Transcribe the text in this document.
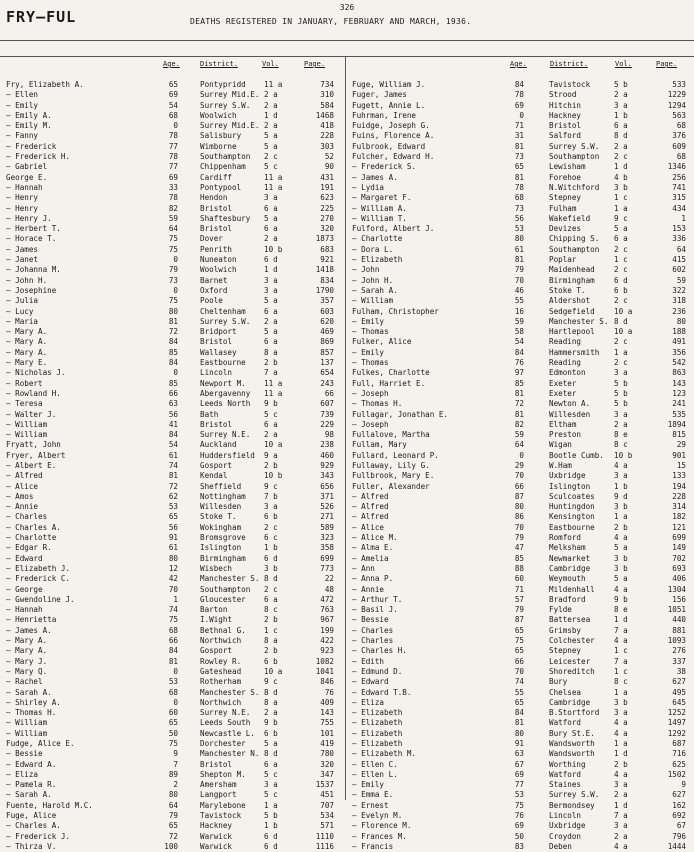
326
FRY–FUL	DEATHS REGISTERED IN JANUARY, FEBRUARY AND MARCH, 1936.
Age.	District.	Vol.	Page.	Age.	District.	Vol.	Page.
Fry, Elizabeth A.	65	Pontypridd 11 a	734
— Ellen	69	Surrey Mid.E. 2 a	310
— Emily	54	Surrey S.W. 2 a	584
— Emily A.	68	Woolwich	1 d	1468
— Emily M.	0	Surrey Mid.E. 2 a	418
— Fanny	78	Salisbury	5 a	228
— Frederick	77	Wimborne	5 a	303
— Frederick H.	78	Southampton 2 c	52
— Gabriel	77	Chippenham 5 c	90
George E.	69	Cardiff	11 a	431
— Hannah	33	Pontypool	11 a	191
— Henry	78	Hendon	3 a	623
— Henry	82	Bristol	6 a	225
— Henry J.	59	Shaftesbury 5 a	270
— Herbert T.	64	Bristol	6 a	320
— Horace T.	75	Dover	2 a	1873
— James	75	Penrith	10 b	683
— Janet	0	Nuneaton	6 d	921
— Johanna M.	79	Woolwich	1 d	1418
— John H.	73	Barnet	3 a	834
— Josephine	0	Oxford	3 a	1790
— Julia	75	Poole	5 a	357
— Lucy	80	Cheltenham 6 a	603
— Maria	81	Surrey S.W. 2 a	620
— Mary A.	72	Bridport	5 a	469
— Mary A.	84	Bristol	6 a	869
— Mary A.	85	Wallasey	8 a	857
— Mary E.	84	Eastbourne 2 b	137
— Nicholas J.	0	Lincoln	7 a	654
— Robert	85	Newport M. 11 a	243
— Rowland H.	66	Abergavenny 11 a	66
— Teresa	63	Leeds North 9 b	607
— Walter J.	56	Bath	5 c	739
— William	41	Bristol	6 a	229
— William	84	Surrey N.E. 2 a	98
Fryatt, John	54	Auckland	10 a	238
Fryer, Albert	61	Huddersfield 9 a	460
— Albert E.	74	Gosport	2 b	929
— Alfred	81	Kendal	10 b	343
— Alice	72	Sheffield	9 c	656
— Amos	62	Nottingham 7 b	371
— Annie	53	Willesden	3 a	526
— Charles	65	Stoke T.	6 b	271
— Charles A.	56	Wokingham	2 c	589
— Charlotte	91	Bromsgrove 6 c	323
— Edgar R.	61	Islington	1 b	358
— Edward	80	Birmingham 6 d	699
— Elizabeth J.	12	Wisbech	3 b	773
— Frederick C.	42	Manchester S. 8 d	22
— George	70	Southampton 2 c	48
— Gwendoline J.	1	Gloucester 6 a	472
— Hannah	74	Barton	8 c	763
— Henrietta	75	I.Wight	2 b	967
— James A.	68	Bethnal G. 1 c	199
— Mary A.	66	Northwich	8 a	422
— Mary A.	84	Gosport	2 b	923
— Mary J.	81	Rowley R.	6 b	1082
— Mary Q.	0	Gateshead	10 a	1041
— Rachel	53	Rotherham	9 c	846
— Sarah A.	68	Manchester S. 8 d	76
— Shirley A.	0	Northwich	8 a	409
— Thomas H.	60	Surrey N.E. 2 a	143
— William	65	Leeds South 9 b	755
— William	50	Newcastle L. 6 b	101
Fudge, Alice E.	75	Dorchester 5 a	419
— Bessie	9	Manchester N. 8 d	780
— Edward A.	7	Bristol	6 a	320
— Eliza	89	Shepton M. 5 c	347
— Pamela R.	2	Amersham	3 a	1537
— Sarah A.	80	Langport	5 c	451
Fuente, Harold M.C.	64	Marylebone 1 a	707
Fuge, Alice	79	Tavistock	5 b	534
— Charles A.	65	Hackney	1 b	571
— Frederick J.	72	Warwick	6 d	1110
— Thirza V.	100	Warwick	6 d	1116
Fuge, William J.	84	Tavistock	5 b	533
Fuger, James	78	Strood	2 a	1229
Fugett, Annie L.	69	Hitchin	3 a	1294
Fuhrman, Irene	0	Hackney	1 b	563
Fuidge, Joseph G.	71	Bristol	6 a	68
Fuins, Florence A.	31	Salford	8 d	376
Fulbrook, Edward	81	Surrey S.W. 2 a	609
Fulcher, Edward H.	73	Southampton 2 c	68
— Frederick S.	65	Lewisham	1 d	1346
— James A.	81	Forehoe	4 b	256
— Lydia	78	N.Witchford 3 b	741
— Margaret F.	68	Stepney	1 c	315
— William A.	73	Fulham	1 a	434
— William T.	56	Wakefield	9 c	1
Fulford, Albert J.	53	Devizes	5 a	153
— Charlotte	80	Chipping S. 6 a	336
— Dora L.	61	Southampton 2 c	64
— Elizabeth	81	Poplar	1 c	415
— John	79	Maidenhead	2 c	602
— John H.	70	Birmingham	6 d	59
— Sarah A.	46	Stoke T.	6 b	322
— William	55	Aldershot	2 c	318
Fulham, Christopher	16	Sedgefield	10 a	236
— Emily	59	Manchester S. 8 d	80
— Thomas	58	Hartlepool	10 a	188
Fulker, Alice	54	Reading	2 c	491
— Emily	84	Hammersmith 1 a	356
— Thomas	76	Reading	2 c	542
Fulkes, Charlotte	97	Edmonton	3 a	863
Full, Harriet E.	85	Exeter	5 b	143
— Joseph	81	Exeter	5 b	123
— Thomas H.	72	Newton A.	5 b	241
Fullagar, Jonathan E.	81	Willesden	3 a	535
— Joseph	82	Eltham	2 a	1894
Fullalove, Martha	59	Preston	8 e	815
Fullam, Mary	64	Wigan	8 c	29
Fullard, Leonard P.	0	Bootle Cumb. 10 b	901
Fullaway, Lily G.	29	W.Ham	4 a	15
Fullbrook, Mary E.	70	Uxbridge	3 a	133
Fuller, Alexander	66	Islington	1 b	194
— Alfred	87	Sculcoates	9 d	228
— Alfred	80	Huntingdon	3 b	314
— Alfred	86	Kensington	1 a	182
— Alice	70	Eastbourne	2 b	121
— Alice M.	79	Romford	4 a	699
— Alma E.	47	Melksham	5 a	149
— Amelia	85	Newmarket	3 b	702
— Ann	88	Cambridge	3 b	693
— Anna P.	60	Weymouth	5 a	406
— Annie	71	Mildenhall	4 a	1304
— Arthur T.	57	Bradford	9 b	156
— Basil J.	79	Fylde	8 e	1051
— Bessie	87	Battersea	1 d	440
— Charles	65	Grimsby	7 a	881
— Charles	75	Colchester	4 a	1093
— Charles H.	65	Stepney	1 c	276
— Edith	66	Leicester	7 a	337
— Edmund D.	70	Shoreditch	1 c	38
— Edward	74	Bury	8 c	627
— Edward T.B.	55	Chelsea	1 a	495
— Eliza	65	Cambridge	3 b	645
— Elizabeth	84	B.Stortford 3 a	1252
— Elizabeth	81	Watford	4 a	1497
— Elizabeth	80	Bury St.E.	4 a	1292
— Elizabeth	91	Wandsworth	1 a	687
— Elizabeth M.	63	Wandsworth	1 d	716
— Ellen C.	67	Worthing	2 b	625
— Ellen L.	69	Watford	4 a	1502
— Emily	77	Staines	3 a	9
— Emma E.	53	Surrey S.W. 2 a	627
— Ernest	75	Bermondsey	1 d	162
— Evelyn M.	76	Lincoln	7 a	692
— Florence M.	69	Uxbridge	3 a	67
— Frances M.	50	Croydon	2 a	796
— Francis	83	Deben	4 a	1444
